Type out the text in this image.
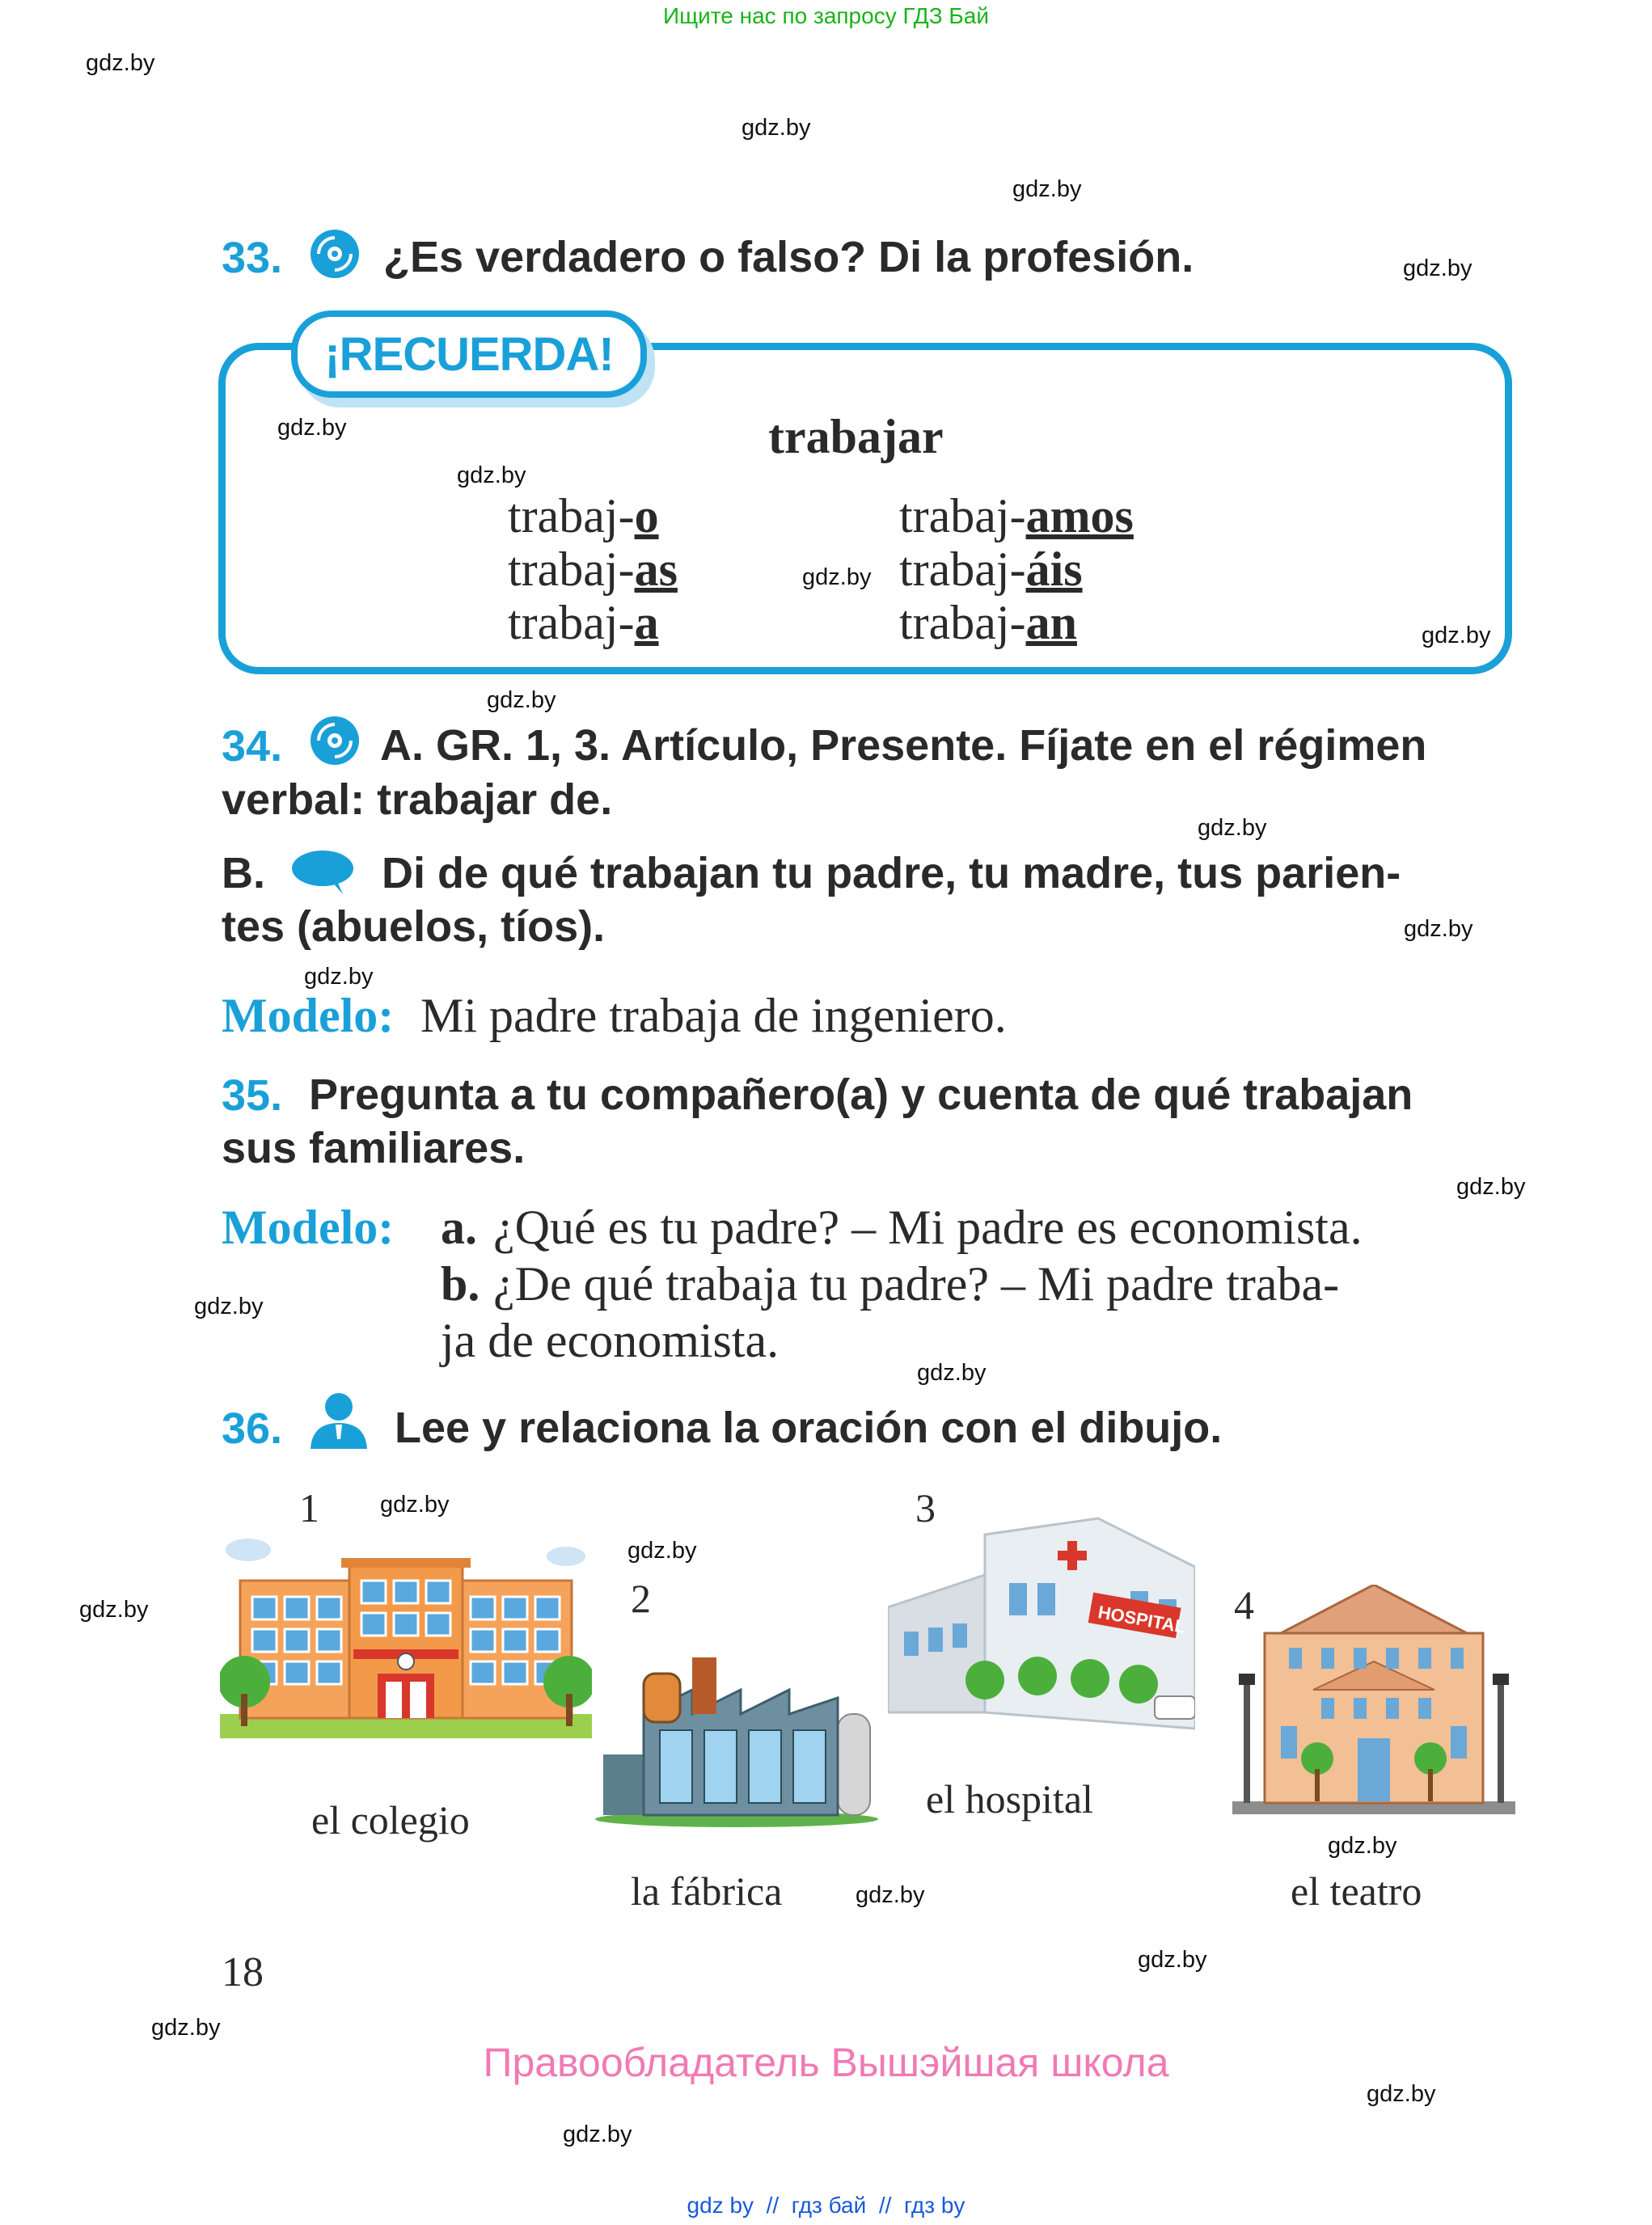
Ищите нас по запросу ГДЗ Бай
gdz.by
gdz.by
gdz.by
gdz.by
gdz.by
gdz.by
gdz.by
gdz.by
gdz.by
gdz.by
gdz.by
gdz.by
gdz.by
gdz.by
gdz.by
gdz.by
gdz.by
gdz.by
gdz.by
gdz.by
gdz.by
gdz.by
gdz.by
gdz.by
33. ¿Es verdadero o falso? Di la profesión.
¡RECUERDA!
trabajar
trabaj-o
trabaj-as
trabaj-a
trabaj-amos
trabaj-áis
trabaj-an
34. A. GR. 1, 3. Artículo, Presente. Fíjate en el régimen
verbal: trabajar de.
B.	Di de qué trabajan tu padre, tu madre, tus parien-
tes (abuelos, tíos).
Modelo: Mi padre trabaja de ingeniero.
35. Pregunta a tu compañero(a) y cuenta de qué trabajan
sus familiares.
Modelo: a. ¿Qué es tu padre? – Mi padre es economista.
b. ¿De qué trabaja tu padre? – Mi padre traba-
ja de economista.
36.	Lee y relaciona la oración con el dibujo.
1
el colegio
2
la fábrica
3
HOSPITAL
el hospital
4
el teatro
18
Правообладатель Вышэйшая школа
gdz by // гдз бай // гдз by
